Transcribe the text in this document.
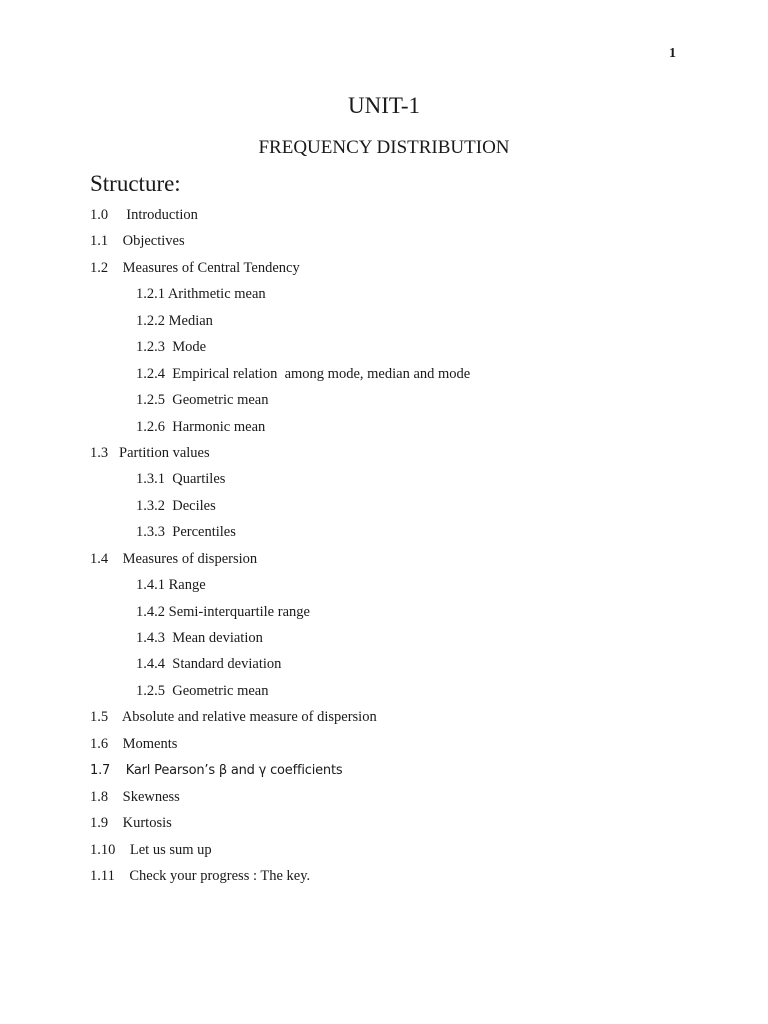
1
UNIT-1
FREQUENCY DISTRIBUTION
Structure:
1.0     Introduction
1.1    Objectives
1.2    Measures of Central Tendency
1.2.1 Arithmetic mean
1.2.2 Median
1.2.3  Mode
1.2.4  Empirical relation  among mode, median and mode
1.2.5  Geometric mean
1.2.6  Harmonic mean
1.3   Partition values
1.3.1  Quartiles
1.3.2  Deciles
1.3.3  Percentiles
1.4    Measures of dispersion
1.4.1 Range
1.4.2 Semi-interquartile range
1.4.3  Mean deviation
1.4.4  Standard deviation
1.2.5  Geometric mean
1.5    Absolute and relative measure of dispersion
1.6    Moments
1.7    Karl Pearson’s β and γ coefficients
1.8    Skewness
1.9    Kurtosis
1.10    Let us sum up
1.11    Check your progress : The key.
